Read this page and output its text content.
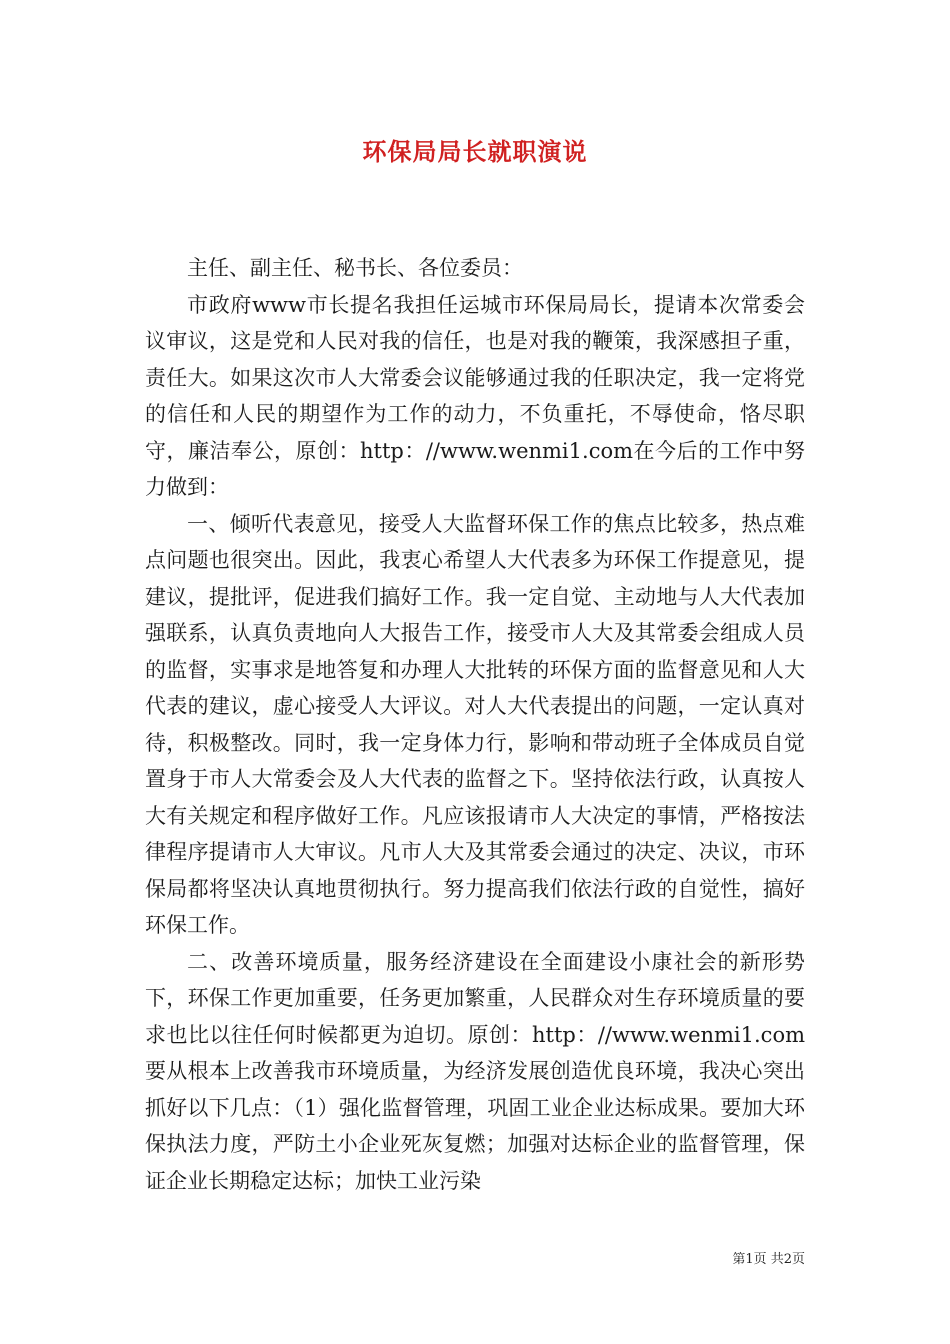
环保局局长就职演说

主任、副主任、秘书长、各位委员：

市政府www市长提名我担任运城市环保局局长，提请本次常委会议审议，这是党和人民对我的信任，也是对我的鞭策，我深感担子重，责任大。如果这次市人大常委会议能够通过我的任职决定，我一定将党的信任和人民的期望作为工作的动力，不负重托，不辱使命，恪尽职守，廉洁奉公，原创：http：//www.wenmi1.com在今后的工作中努力做到：

一、倾听代表意见，接受人大监督环保工作的焦点比较多，热点难点问题也很突出。因此，我衷心希望人大代表多为环保工作提意见，提建议，提批评，促进我们搞好工作。我一定自觉、主动地与人大代表加强联系，认真负责地向人大报告工作，接受市人大及其常委会组成人员的监督，实事求是地答复和办理人大批转的环保方面的监督意见和人大代表的建议，虚心接受人大评议。对人大代表提出的问题，一定认真对待，积极整改。同时，我一定身体力行，影响和带动班子全体成员自觉置身于市人大常委会及人大代表的监督之下。坚持依法行政，认真按人大有关规定和程序做好工作。凡应该报请市人大决定的事情，严格按法律程序提请市人大审议。凡市人大及其常委会通过的决定、决议，市环保局都将坚决认真地贯彻执行。努力提高我们依法行政的自觉性，搞好环保工作。

二、改善环境质量，服务经济建设在全面建设小康社会的新形势下，环保工作更加重要，任务更加繁重，人民群众对生存环境质量的要求也比以往任何时候都更为迫切。原创：http：//www.wenmi1.com要从根本上改善我市环境质量，为经济发展创造优良环境，我决心突出抓好以下几点：（1）强化监督管理，巩固工业企业达标成果。要加大环保执法力度，严防土小企业死灰复燃；加强对达标企业的监督管理，保证企业长期稳定达标；加快工业污染

第1页 共2页
